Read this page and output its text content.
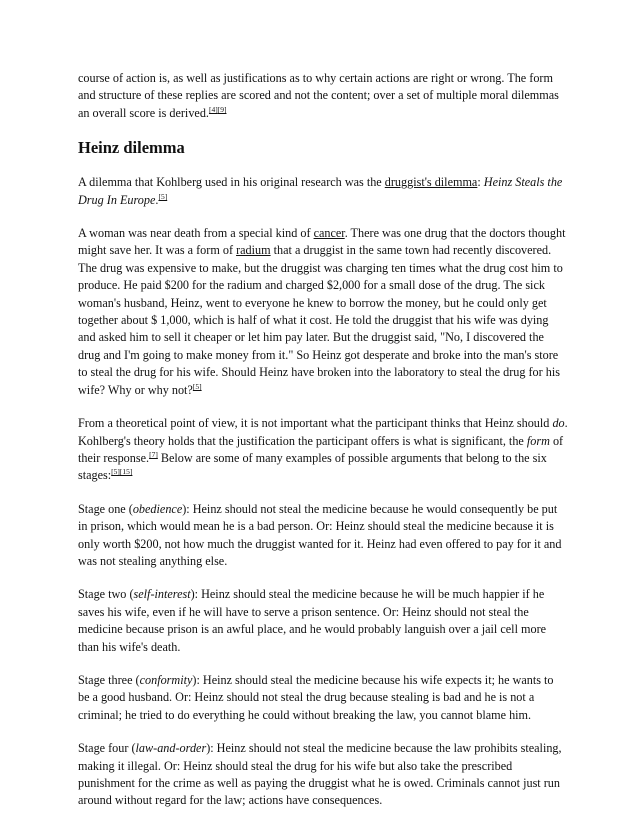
course of action is, as well as justifications as to why certain actions are right or wrong. The form and structure of these replies are scored and not the content; over a set of multiple moral dilemmas an overall score is derived.[4][9]

Heinz dilemma

A dilemma that Kohlberg used in his original research was the druggist's dilemma: Heinz Steals the Drug In Europe.[5]

A woman was near death from a special kind of cancer. There was one drug that the doctors thought might save her. It was a form of radium that a druggist in the same town had recently discovered. The drug was expensive to make, but the druggist was charging ten times what the drug cost him to produce. He paid $200 for the radium and charged $2,000 for a small dose of the drug. The sick woman's husband, Heinz, went to everyone he knew to borrow the money, but he could only get together about $ 1,000, which is half of what it cost. He told the druggist that his wife was dying and asked him to sell it cheaper or let him pay later. But the druggist said, "No, I discovered the drug and I'm going to make money from it." So Heinz got desperate and broke into the man's store to steal the drug for his wife. Should Heinz have broken into the laboratory to steal the drug for his wife? Why or why not?[5]

From a theoretical point of view, it is not important what the participant thinks that Heinz should do. Kohlberg's theory holds that the justification the participant offers is what is significant, the form of their response.[7] Below are some of many examples of possible arguments that belong to the six stages:[5][15]

Stage one (obedience): Heinz should not steal the medicine because he would consequently be put in prison, which would mean he is a bad person. Or: Heinz should steal the medicine because it is only worth $200, not how much the druggist wanted for it. Heinz had even offered to pay for it and was not stealing anything else.

Stage two (self-interest): Heinz should steal the medicine because he will be much happier if he saves his wife, even if he will have to serve a prison sentence. Or: Heinz should not steal the medicine because prison is an awful place, and he would probably languish over a jail cell more than his wife's death.

Stage three (conformity): Heinz should steal the medicine because his wife expects it; he wants to be a good husband. Or: Heinz should not steal the drug because stealing is bad and he is not a criminal; he tried to do everything he could without breaking the law, you cannot blame him.

Stage four (law-and-order): Heinz should not steal the medicine because the law prohibits stealing, making it illegal. Or: Heinz should steal the drug for his wife but also take the prescribed punishment for the crime as well as paying the druggist what he is owed. Criminals cannot just run around without regard for the law; actions have consequences.
